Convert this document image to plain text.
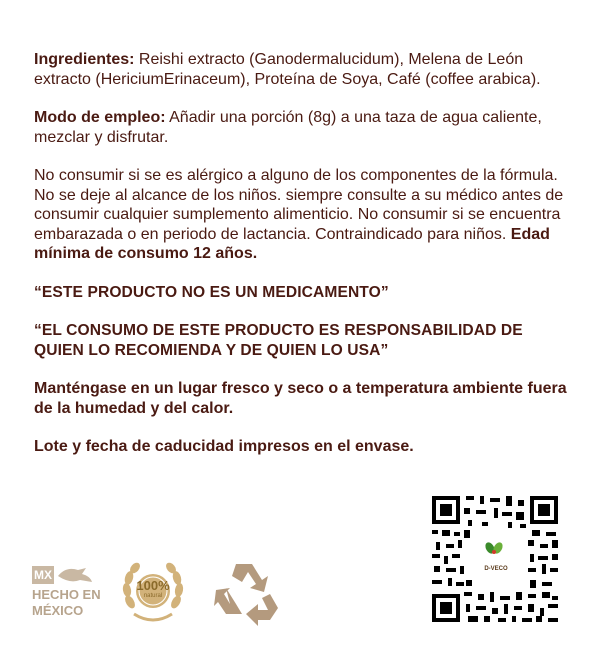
Ingredientes: Reishi extracto (Ganodermalucidum), Melena de León extracto (HericiumErinaceum), Proteína de Soya, Café (coffee arabica).

Modo de empleo: Añadir una porción (8g) a una taza de agua caliente, mezclar y disfrutar.

No consumir si se es alérgico a alguno de los componentes de la fórmula. No se deje al alcance de los niños. siempre consulte a su médico antes de consumir cualquier sumplemento alimenticio. No consumir si se encuentra embarazada o en periodo de lactancia. Contraindicado para niños. Edad mínima de consumo 12 años.

“ESTE PRODUCTO NO ES UN MEDICAMENTO”

“EL CONSUMO DE ESTE PRODUCTO ES RESPONSABILIDAD DE QUIEN LO RECOMIENDA Y DE QUIEN LO USA”

Manténgase en un lugar fresco y seco o a temperatura ambiente fuera de la humedad y del calor.

Lote y fecha de caducidad impresos en el envase.

MX
HECHO EN
MÉXICO
100%
natural
D-VECO
